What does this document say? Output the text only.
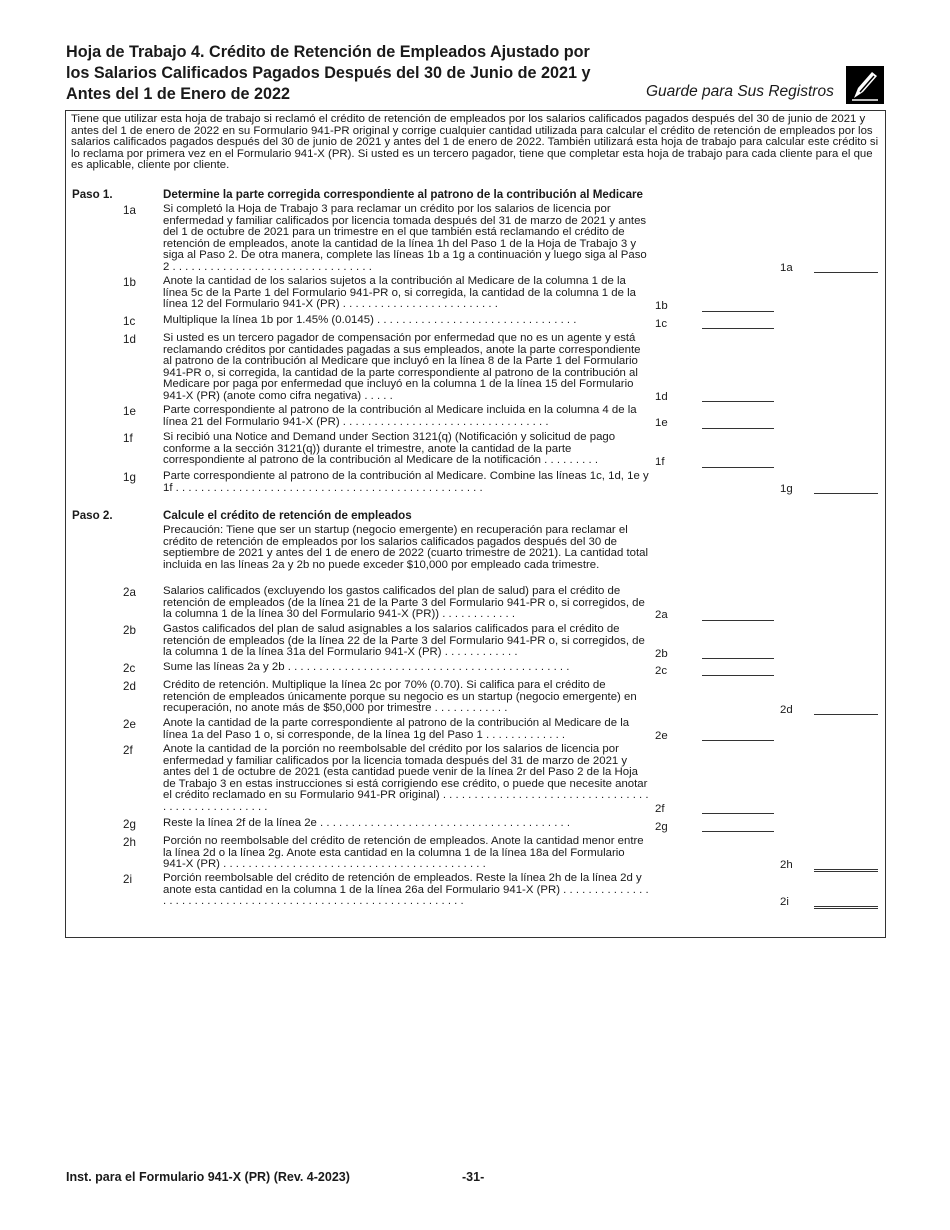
Hoja de Trabajo 4. Crédito de Retención de Empleados Ajustado por los Salarios Calificados Pagados Después del 30 de Junio de 2021 y Antes del 1 de Enero de 2022	Guarde para Sus Registros
Tiene que utilizar esta hoja de trabajo si reclamó el crédito de retención de empleados por los salarios calificados pagados después del 30 de junio de 2021 y antes del 1 de enero de 2022 en su Formulario 941-PR original y corrige cualquier cantidad utilizada para calcular el crédito de retención de empleados por los salarios calificados pagados después del 30 de junio de 2021 y antes del 1 de enero de 2022. También utilizará esta hoja de trabajo para calcular este crédito si lo reclama por primera vez en el Formulario 941-X (PR). Si usted es un tercero pagador, tiene que completar esta hoja de trabajo para cada cliente para el que es aplicable, cliente por cliente.
Paso 1.	Determine la parte corregida correspondiente al patrono de la contribución al Medicare
1a Si completó la Hoja de Trabajo 3 para reclamar un crédito por los salarios de licencia por enfermedad y familiar calificados por licencia tomada después del 31 de marzo de 2021 y antes del 1 de octubre de 2021 para un trimestre en el que también está reclamando el crédito de retención de empleados, anote la cantidad de la línea 1h del Paso 1 de la Hoja de Trabajo 3 y siga al Paso 2. De otra manera, complete las líneas 1b a 1g a continuación y luego siga al Paso 2 . . . . . . . . . . . . . . . . . . . . . . . . . . . . . . . .	1a
1b Anote la cantidad de los salarios sujetos a la contribución al Medicare de la columna 1 de la línea 5c de la Parte 1 del Formulario 941-PR o, si corregida, la cantidad de la columna 1 de la línea 12 del Formulario 941-X (PR) . . . . . . . . . . . . . . . . . . . . . . . . .	1b
1c Multiplique la línea 1b por 1.45% (0.0145) . . . . . . . . . . . . . . . . . . . . . . . . . . . . . . . .	1c
1d Si usted es un tercero pagador de compensación por enfermedad que no es un agente y está reclamando créditos por cantidades pagadas a sus empleados, anote la parte correspondiente al patrono de la contribución al Medicare que incluyó en la línea 8 de la Parte 1 del Formulario 941-PR o, si corregida, la cantidad de la parte correspondiente al patrono de la contribución al Medicare por paga por enfermedad que incluyó en la columna 1 de la línea 15 del Formulario 941-X (PR) (anote como cifra negativa) . . . . .	1d
1e Parte correspondiente al patrono de la contribución al Medicare incluida en la columna 4 de la línea 21 del Formulario 941-X (PR) . . . . . . . . . . . . . . . . . . . . . . . . . . . . . . . . .	1e
1f	Si recibió una Notice and Demand under Section 3121(q) (Notificación y solicitud de pago conforme a la sección 3121(q)) durante el trimestre, anote la cantidad de la parte correspondiente al patrono de la contribución al Medicare de la notificación . . . . . . . . .	1f
1g Parte correspondiente al patrono de la contribución al Medicare. Combine las líneas 1c, 1d, 1e y 1f . . . . . . . . . . . . . . . . . . . . . . . . . . . . . . . . . . . . . . . . . . . . . . . . .	1g
Paso 2.	Calcule el crédito de retención de empleados
Precaución: Tiene que ser un startup (negocio emergente) en recuperación para reclamar el crédito de retención de empleados por los salarios calificados pagados después del 30 de septiembre de 2021 y antes del 1 de enero de 2022 (cuarto trimestre de 2021). La cantidad total incluida en las líneas 2a y 2b no puede exceder $10,000 por empleado cada trimestre.
2a Salarios calificados (excluyendo los gastos calificados del plan de salud) para el crédito de retención de empleados (de la línea 21 de la Parte 3 del Formulario 941-PR o, si corregidos, de la columna 1 de la línea 30 del Formulario 941-X (PR)) . . . . . . . . . . . .	2a
2b Gastos calificados del plan de salud asignables a los salarios calificados para el crédito de retención de empleados (de la línea 22 de la Parte 3 del Formulario 941-PR o, si corregidos, de la columna 1 de la línea 31a del Formulario 941-X (PR) . . . . . . . . . . . .	2b
2c Sume las líneas 2a y 2b . . . . . . . . . . . . . . . . . . . . . . . . . . . . . . . . . . . . . . . . . . . . .	2c
2d Crédito de retención. Multiplique la línea 2c por 70% (0.70). Si califica para el crédito de retención de empleados únicamente porque su negocio es un startup (negocio emergente) en recuperación, no anote más de $50,000 por trimestre . . . . . . . . . . . .	2d
2e Anote la cantidad de la parte correspondiente al patrono de la contribución al Medicare de la línea 1a del Paso 1 o, si corresponde, de la línea 1g del Paso 1 . . . . . . . . . . . . .	2e
2f	Anote la cantidad de la porción no reembolsable del crédito por los salarios de licencia por enfermedad y familiar calificados por la licencia tomada después del 31 de marzo de 2021 y antes del 1 de octubre de 2021 (esta cantidad puede venir de la línea 2r del Paso 2 de la Hoja de Trabajo 3 en estas instrucciones si está corrigiendo ese crédito, o puede que necesite anotar el crédito reclamado en su Formulario 941-PR original) . . . . . . . . . . . . . . . . . . . . . . . . . . . . . . . . . . . . . . . . . . . . . . . . . .	2f
2g Reste la línea 2f de la línea 2e . . . . . . . . . . . . . . . . . . . . . . . . . . . . . . . . . . . . . . . .	2g
2h Porción no reembolsable del crédito de retención de empleados. Anote la cantidad menor entre la línea 2d o la línea 2g. Anote esta cantidad en la columna 1 de la línea 18a del Formulario 941-X (PR) . . . . . . . . . . . . . . . . . . . . . . . . . . . . . . . . . . . . . . . . . .	2h
2i	Porción reembolsable del crédito de retención de empleados. Reste la línea 2h de la línea 2d y anote esta cantidad en la columna 1 de la línea 26a del Formulario 941-X (PR) . . . . . . . . . . . . . . . . . . . . . . . . . . . . . . . . . . . . . . . . . . . . . . . . . . . . . . . . . . . . . .	2i
Inst. para el Formulario 941-X (PR) (Rev. 4-2023)	-31-
